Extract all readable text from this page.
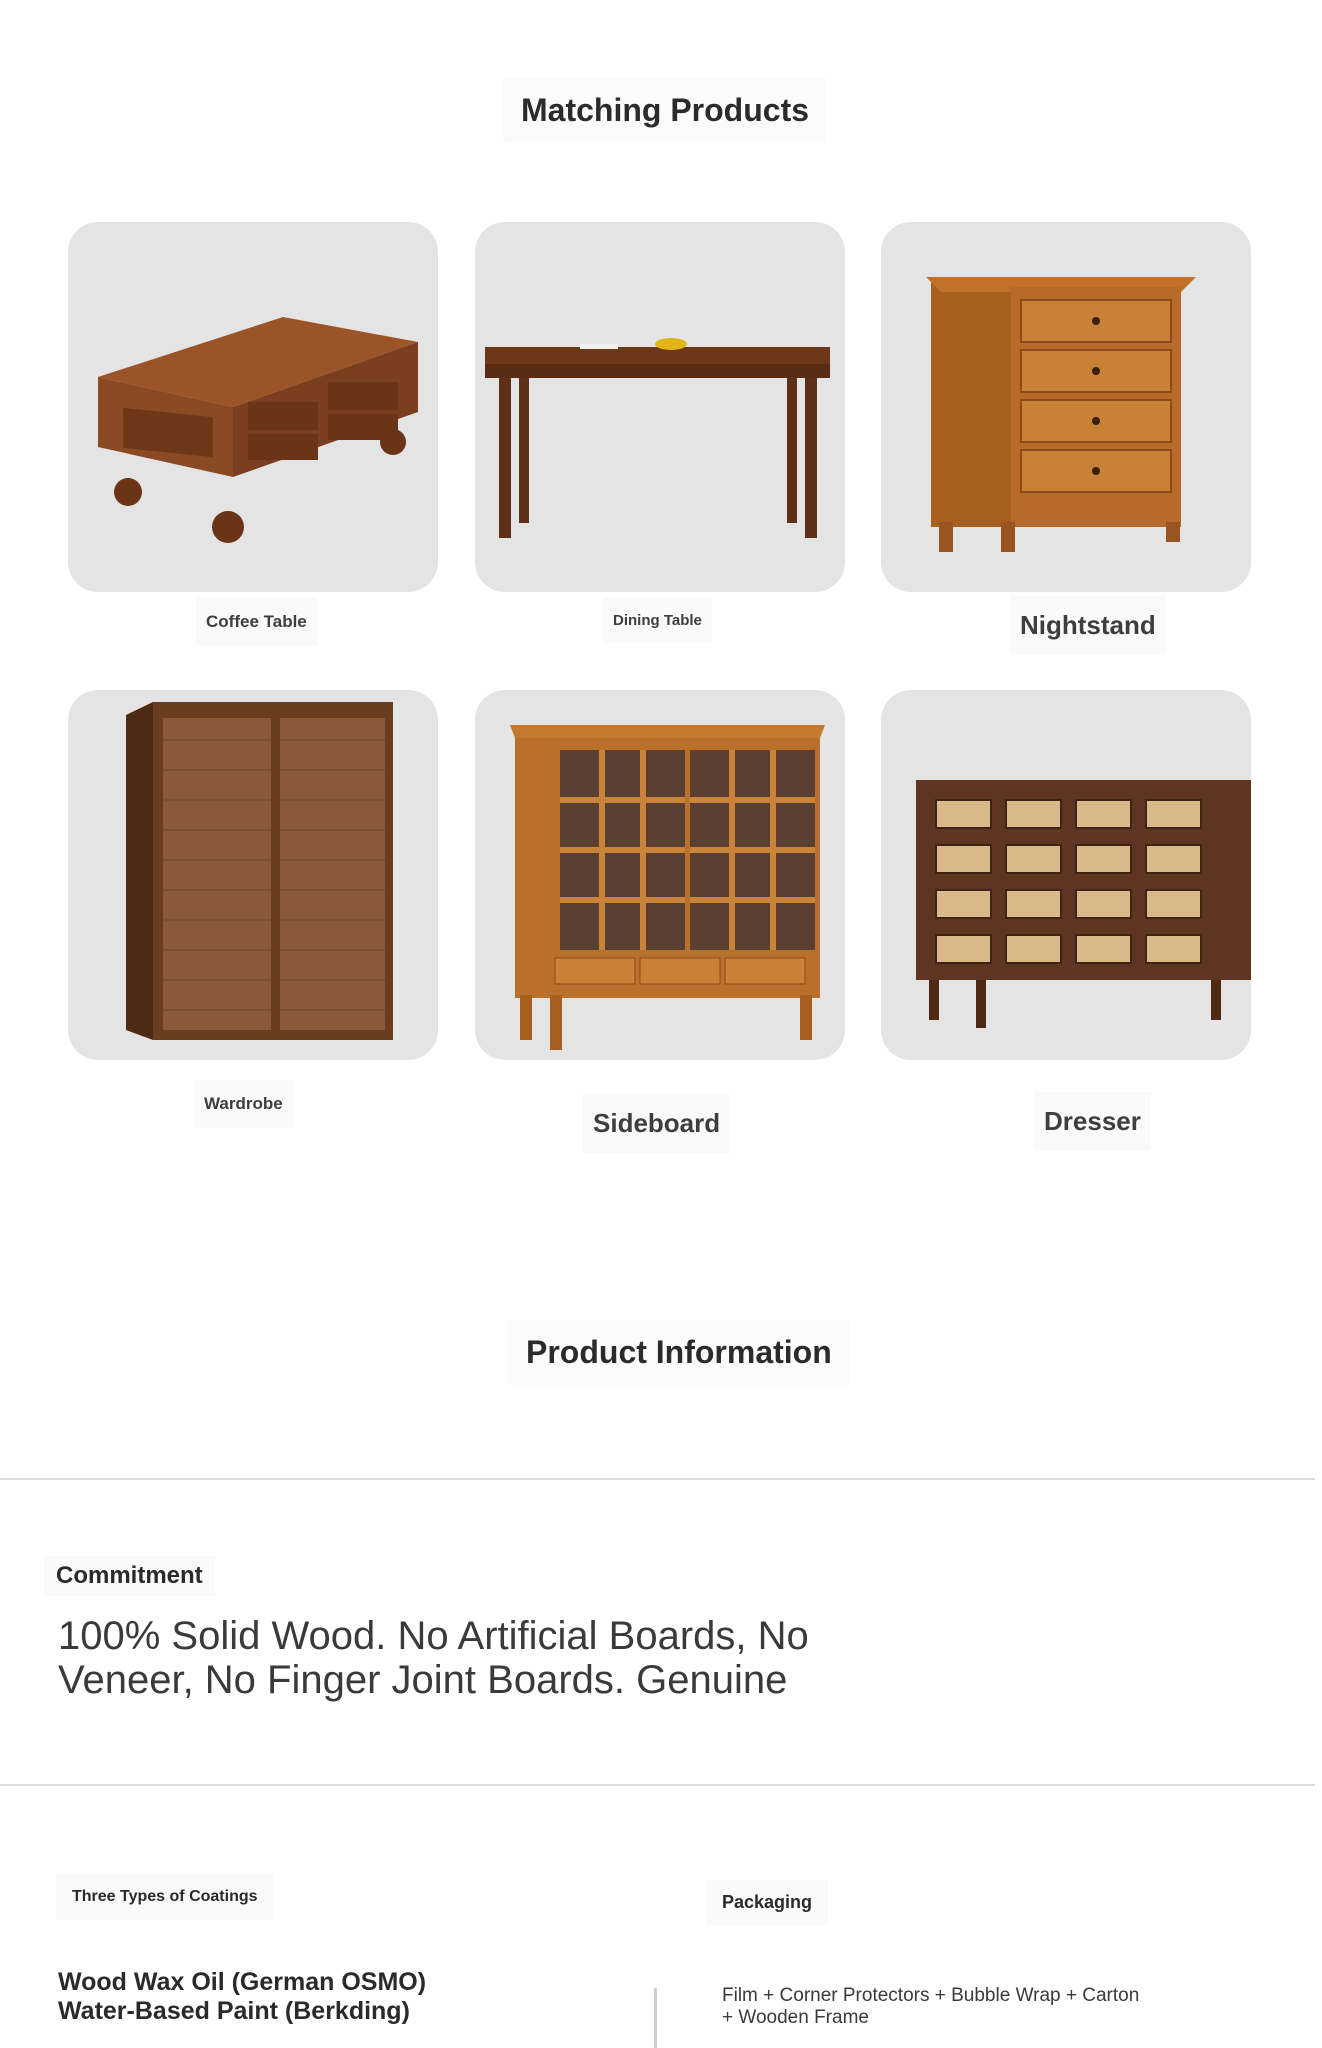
Matching Products
Coffee Table	Dining Table	Nightstand
Wardrobe
Sideboard	Dresser
Product Information
Commitment
100% Solid Wood. No Artificial Boards, No
Veneer, No Finger Joint Boards. Genuine
Three Types of Coatings
Wood Wax Oil (German OSMO)
Water-Based Paint (Berkding)
Packaging
Film + Corner Protectors + Bubble Wrap + Carton
+ Wooden Frame
